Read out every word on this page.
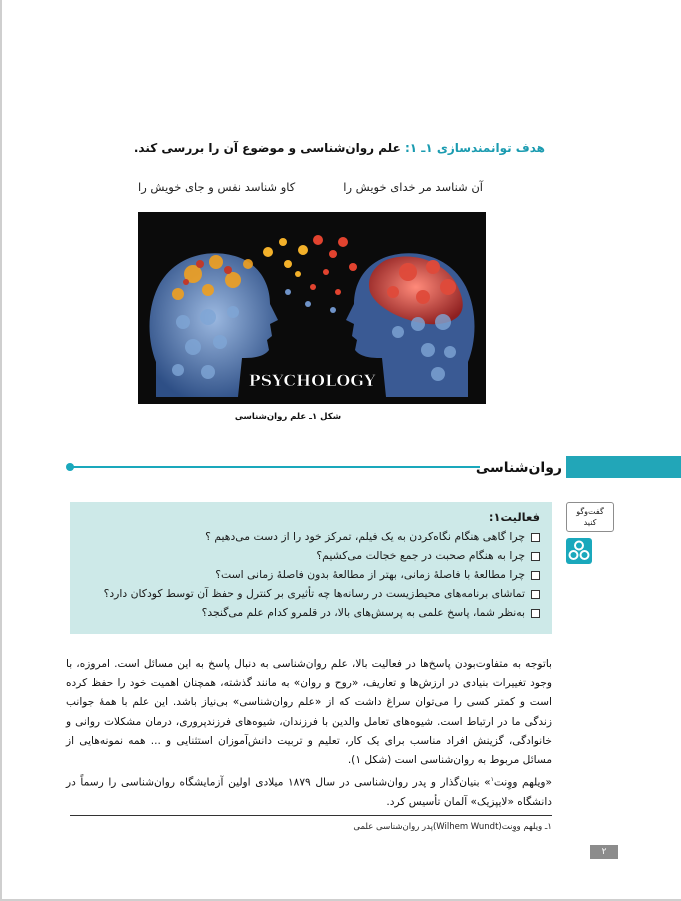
هدف توانمندسازی ۱ـ ۱: علم روان‌شناسی و موضوع آن را بررسی کند.
آن شناسد مر خدای خویش را
کاو شناسد نفس و جای خویش را
PSYCHOLOGY
شکل ۱ـ علم روان‌شناسی
روان‌شناسی
گفت‌وگو
کنید
فعالیت۱:
چرا گاهی هنگام نگاه‌کردن به یک فیلم، تمرکز خود را از دست می‌دهیم ؟
چرا به هنگام صحبت در جمع خجالت می‌کشیم؟
چرا مطالعهٔ با فاصلهٔ زمانی، بهتر از مطالعهٔ بدون فاصلهٔ زمانی است؟
تماشای برنامه‌های محیط‌زیست در رسانه‌ها چه تأثیری بر کنترل و حفظ آن توسط کودکان دارد؟
به‌نظر شما، پاسخ علمی به پرسش‌های بالا، در قلمرو کدام علم می‌گنجد؟

باتوجه به متفاوت‌بودن پاسخ‌ها در فعالیت بالا، علم روان‌شناسی به دنبال پاسخ به این مسائل است. امروزه، با وجود تغییرات بنیادی در ارزش‌ها و تعاریف، «روح و روان» به مانند گذشته، همچنان اهمیت خود را حفظ کرده است و کمتر کسی را می‌توان سراغ داشت که از «علم روان‌شناسی» بی‌نیاز باشد. این علم با همهٔ جوانب زندگی ما در ارتباط است. شیوه‌های تعامل والدین با فرزندان، شیوه‌های فرزندپروری، درمان مشکلات روانی و خانوادگی، گزینش افراد مناسب برای یک کار، تعلیم و تربیت دانش‌آموزان استثنایی و ... همه نمونه‌هایی از مسائل مربوط به روان‌شناسی است (شکل ۱).

«ویلهم ووِنت$^۱$» بنیان‌گذار و پدر روان‌شناسی در سال ۱۸۷۹ میلادی اولین آزمایشگاه روان‌شناسی را رسماً در دانشگاه «لایپزیک» آلمان تأسیس کرد.

۱ـ ویلهم ووِنت(Wilhem Wundt)پدر روان‌شناسی علمی
۲
